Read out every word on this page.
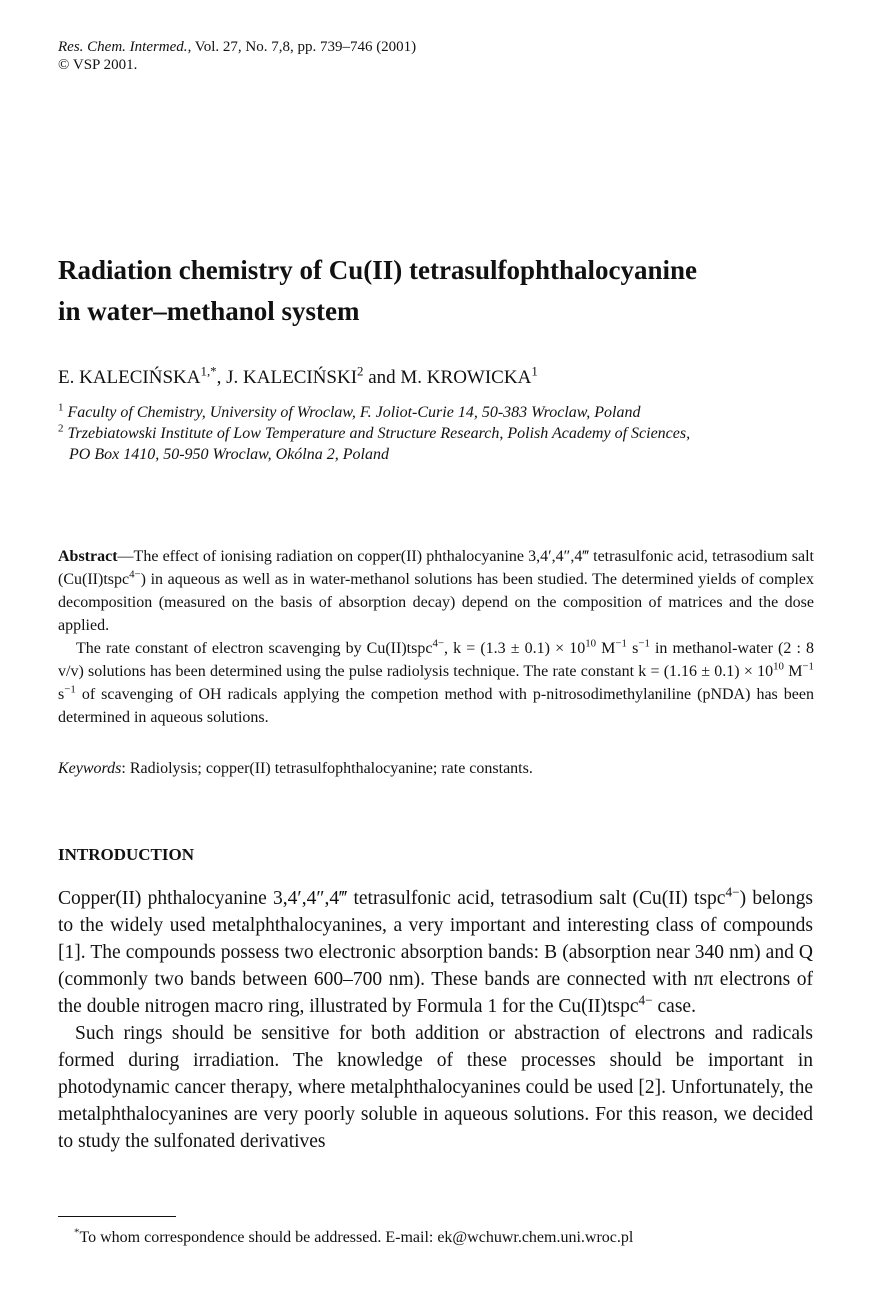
Res. Chem. Intermed., Vol. 27, No. 7,8, pp. 739–746 (2001)
© VSP 2001.
Radiation chemistry of Cu(II) tetrasulfophthalocyanine
in water–methanol system
E. $KALECIŃSKA^{1,*}$, J. KALECIŃSKI$^2$ and M. KROWICKA$^1$
$^1$ Faculty of Chemistry, University of Wroclaw, F. Joliot-Curie 14, 50-383 Wroclaw, Poland
$^2$ Trzebiatowski Institute of Low Temperature and Structure Research, Polish Academy of Sciences,
PO Box 1410, 50-950 Wroclaw, Okólna 2, Poland

Abstract—The effect of ionising radiation on copper(II) phthalocyanine 3,4′,4″,4‴ tetrasulfonic acid, tetrasodium salt (Cu(II)tspc$^{4-}$) in aqueous as well as in water-methanol solutions has been studied. The determined yields of complex decomposition (measured on the basis of absorption decay) depend on the composition of matrices and the dose applied.

The rate constant of electron scavenging by Cu(II)tspc$^{4-}$, $k = (1.3 \pm 0.1) \times 10^{10}$ $M^{-1}$ $s^{-1}$ in methanol-water (2 : 8 v/v) solutions has been determined using the pulse radiolysis technique. The rate constant $k = (1.16 \pm 0.1) \times 10^{10}$ $M^{-1}$ $s^{-1}$ of scavenging of OH radicals applying the competion method with p-nitrosodimethylaniline (pNDA) has been determined in aqueous solutions.

Keywords: Radiolysis; copper(II) tetrasulfophthalocyanine; rate constants.
INTRODUCTION

Copper(II) phthalocyanine 3,4′,4″,4‴ tetrasulfonic acid, tetrasodium salt (Cu(II) tspc$^{4-}$) belongs to the widely used metalphthalocyanines, a very important and interesting class of compounds [1]. The compounds possess two electronic absorption bands: B (absorption near 340 nm) and Q (commonly two bands between 600–700 nm). These bands are connected with nπ electrons of the double nitrogen macro ring, illustrated by Formula 1 for the Cu(II)tspc$^{4-}$ case.

Such rings should be sensitive for both addition or abstraction of electrons and radicals formed during irradiation. The knowledge of these processes should be important in photodynamic cancer therapy, where metalphthalocyanines could be used [2]. Unfortunately, the metalphthalocyanines are very poorly soluble in aqueous solutions. For this reason, we decided to study the sulfonated derivatives

*To whom correspondence should be addressed. E-mail: ek@wchuwr.chem.uni.wroc.pl
